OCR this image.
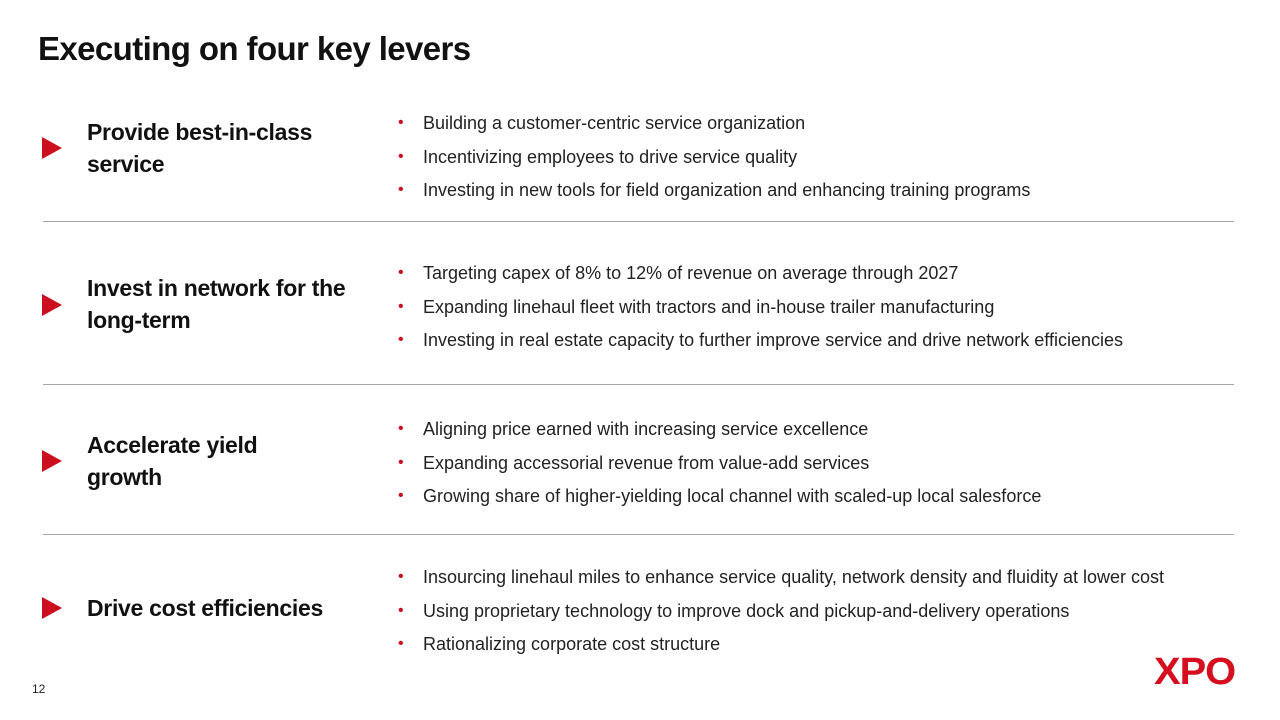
Executing on four key levers
Provide best-in-class
service
• Building a customer-centric service organization
• Incentivizing employees to drive service quality
• Investing in new tools for field organization and enhancing training programs
Invest in network for the
long-term
• Targeting capex of 8% to 12% of revenue on average through 2027
• Expanding linehaul fleet with tractors and in-house trailer manufacturing
• Investing in real estate capacity to further improve service and drive network efficiencies
Accelerate yield
growth
• Aligning price earned with increasing service excellence
• Expanding accessorial revenue from value-add services
• Growing share of higher-yielding local channel with scaled-up local salesforce
Drive cost efficiencies
• Insourcing linehaul miles to enhance service quality, network density and fluidity at lower cost
• Using proprietary technology to improve dock and pickup-and-delivery operations
• Rationalizing corporate cost structure
12	XPO
